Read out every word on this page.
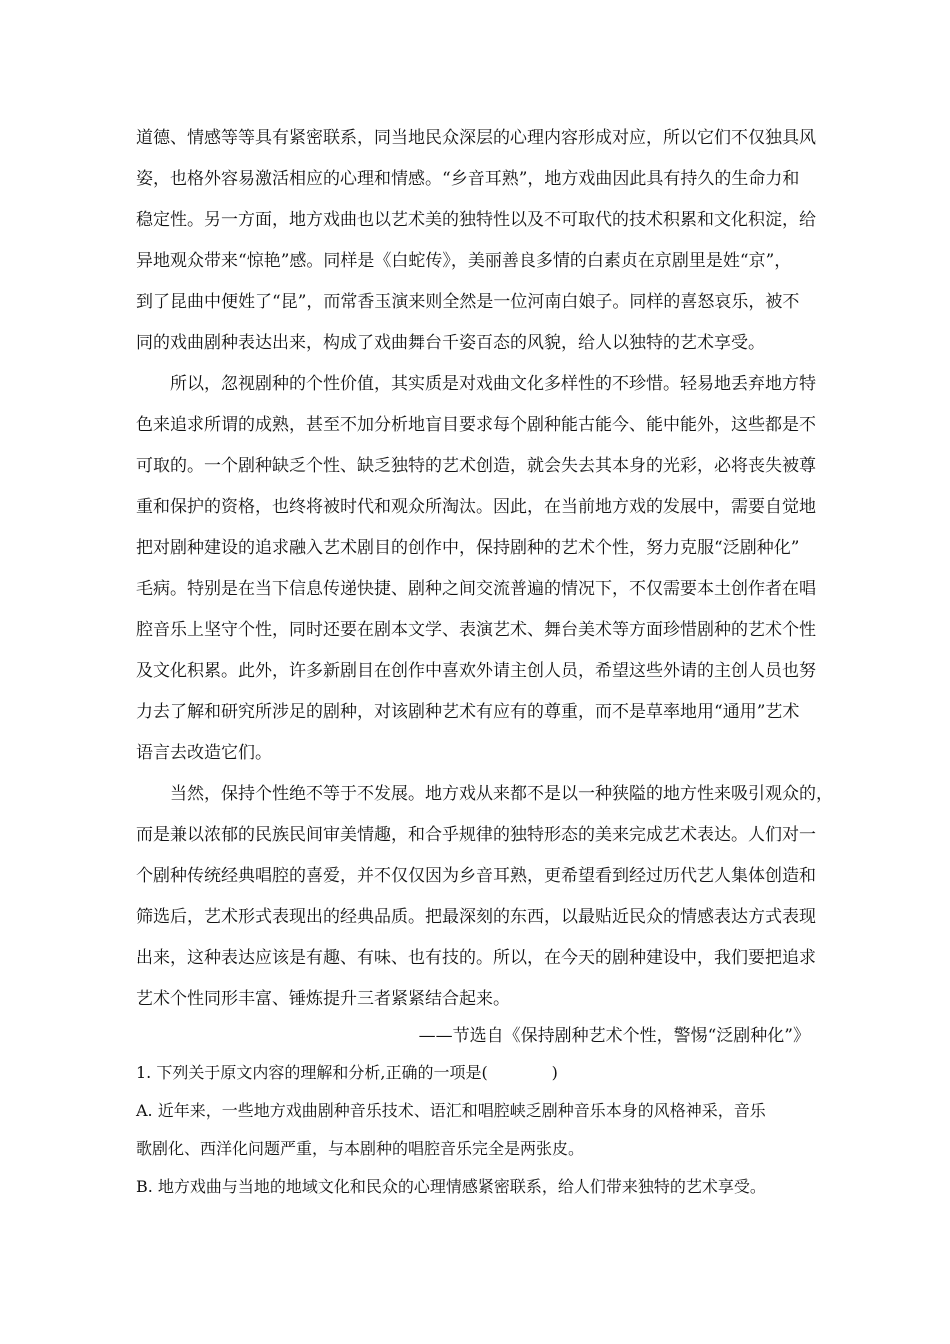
道德、情感等等具有紧密联系，同当地民众深层的心理内容形成对应，所以它们不仅独具风
姿，也格外容易激活相应的心理和情感。“乡音耳熟”，地方戏曲因此具有持久的生命力和
稳定性。另一方面，地方戏曲也以艺术美的独特性以及不可取代的技术积累和文化积淀，给
异地观众带来“惊艳”感。同样是《白蛇传》，美丽善良多情的白素贞在京剧里是姓“京”，
到了昆曲中便姓了“昆”，而常香玉演来则全然是一位河南白娘子。同样的喜怒哀乐，被不
同的戏曲剧种表达出来，构成了戏曲舞台千姿百态的风貌，给人以独特的艺术享受。
　　所以，忽视剧种的个性价值，其实质是对戏曲文化多样性的不珍惜。轻易地丢弃地方特
色来追求所谓的成熟，甚至不加分析地盲目要求每个剧种能古能今、能中能外，这些都是不
可取的。一个剧种缺乏个性、缺乏独特的艺术创造，就会失去其本身的光彩，必将丧失被尊
重和保护的资格，也终将被时代和观众所淘汰。因此，在当前地方戏的发展中，需要自觉地
把对剧种建设的追求融入艺术剧目的创作中，保持剧种的艺术个性，努力克服“泛剧种化”
毛病。特别是在当下信息传递快捷、剧种之间交流普遍的情况下，不仅需要本土创作者在唱
腔音乐上坚守个性，同时还要在剧本文学、表演艺术、舞台美术等方面珍惜剧种的艺术个性
及文化积累。此外，许多新剧目在创作中喜欢外请主创人员，希望这些外请的主创人员也努
力去了解和研究所涉足的剧种，对该剧种艺术有应有的尊重，而不是草率地用“通用”艺术
语言去改造它们。
　　当然，保持个性绝不等于不发展。地方戏从来都不是以一种狭隘的地方性来吸引观众的，
而是兼以浓郁的民族民间审美情趣，和合乎规律的独特形态的美来完成艺术表达。人们对一
个剧种传统经典唱腔的喜爱，并不仅仅因为乡音耳熟，更希望看到经过历代艺人集体创造和
筛选后，艺术形式表现出的经典品质。把最深刻的东西，以最贴近民众的情感表达方式表现
出来，这种表达应该是有趣、有味、也有技的。所以，在今天的剧种建设中，我们要把追求
艺术个性同形丰富、锤炼提升三者紧紧结合起来。
——节选自《保持剧种艺术个性，警惕“泛剧种化”》
1. 下列关于原文内容的理解和分析,正确的一项是(　　　　)
A. 近年来，一些地方戏曲剧种音乐技术、语汇和唱腔峡乏剧种音乐本身的风格神采，音乐
歌剧化、西洋化问题严重，与本剧种的唱腔音乐完全是两张皮。
B. 地方戏曲与当地的地域文化和民众的心理情感紧密联系，给人们带来独特的艺术享受。
